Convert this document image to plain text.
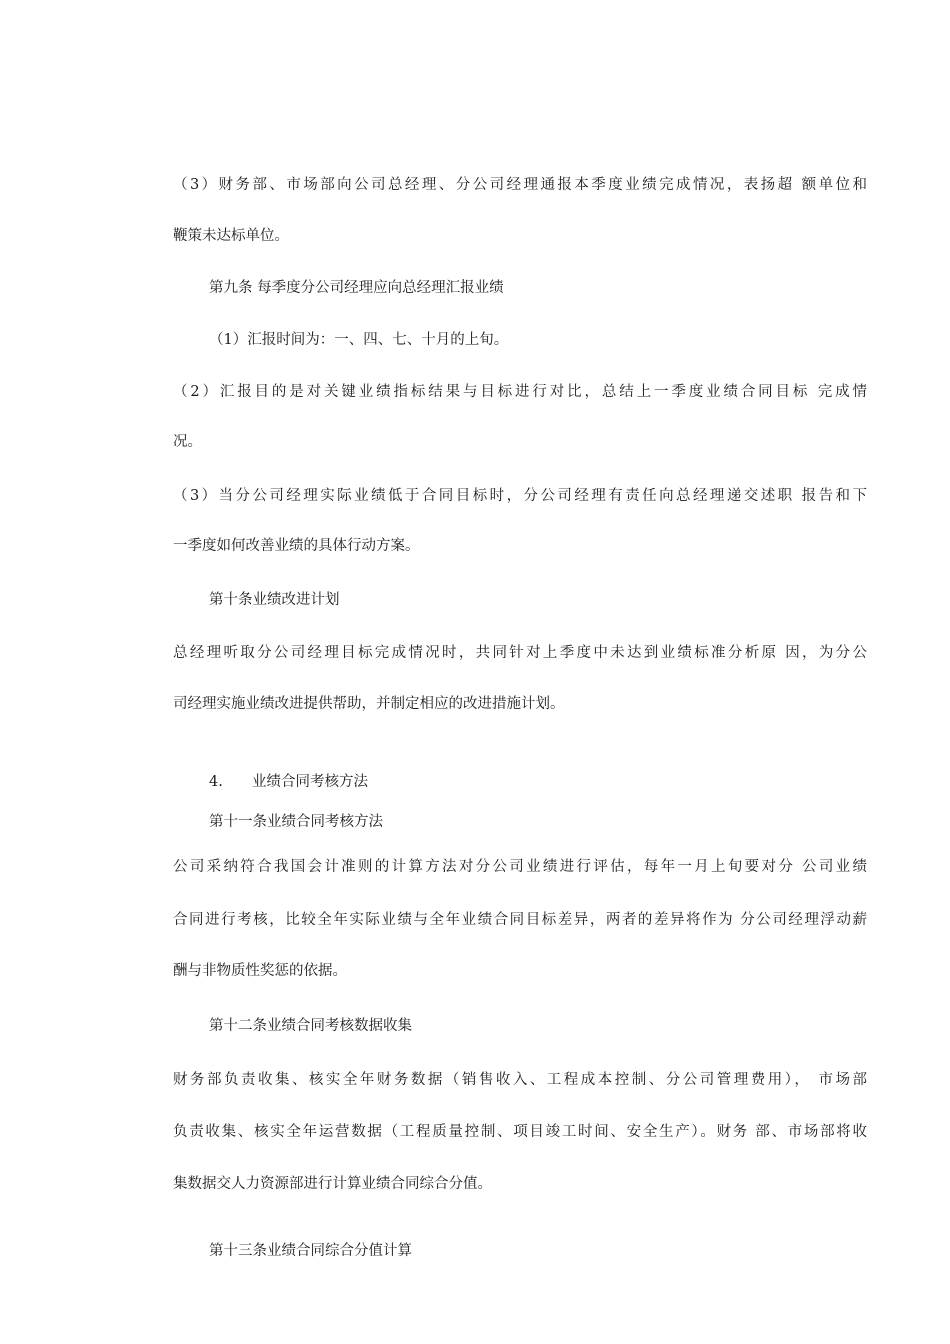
（3）财务部、市场部向公司总经理、分公司经理通报本季度业绩完成情况，表扬超 额单位和
鞭策未达标单位。
第九条 每季度分公司经理应向总经理汇报业绩
（1）汇报时间为：一、四、七、十月的上旬。
（2）汇报目的是对关键业绩指标结果与目标进行对比，总结上一季度业绩合同目标 完成情
况。
（3）当分公司经理实际业绩低于合同目标时，分公司经理有责任向总经理递交述职 报告和下
一季度如何改善业绩的具体行动方案。
第十条业绩改进计划
总经理听取分公司经理目标完成情况时，共同针对上季度中未达到业绩标准分析原 因，为分公
司经理实施业绩改进提供帮助，并制定相应的改进措施计划。
4. 业绩合同考核方法
第十一条业绩合同考核方法
公司采纳符合我国会计准则的计算方法对分公司业绩进行评估，每年一月上旬要对分 公司业绩
合同进行考核，比较全年实际业绩与全年业绩合同目标差异，两者的差异将作为 分公司经理浮动薪
酬与非物质性奖惩的依据。
第十二条业绩合同考核数据收集
财务部负责收集、核实全年财务数据（销售收入、工程成本控制、分公司管理费用）， 市场部
负责收集、核实全年运营数据（工程质量控制、项目竣工时间、安全生产）。财务 部、市场部将收
集数据交人力资源部进行计算业绩合同综合分值。
第十三条业绩合同综合分值计算
